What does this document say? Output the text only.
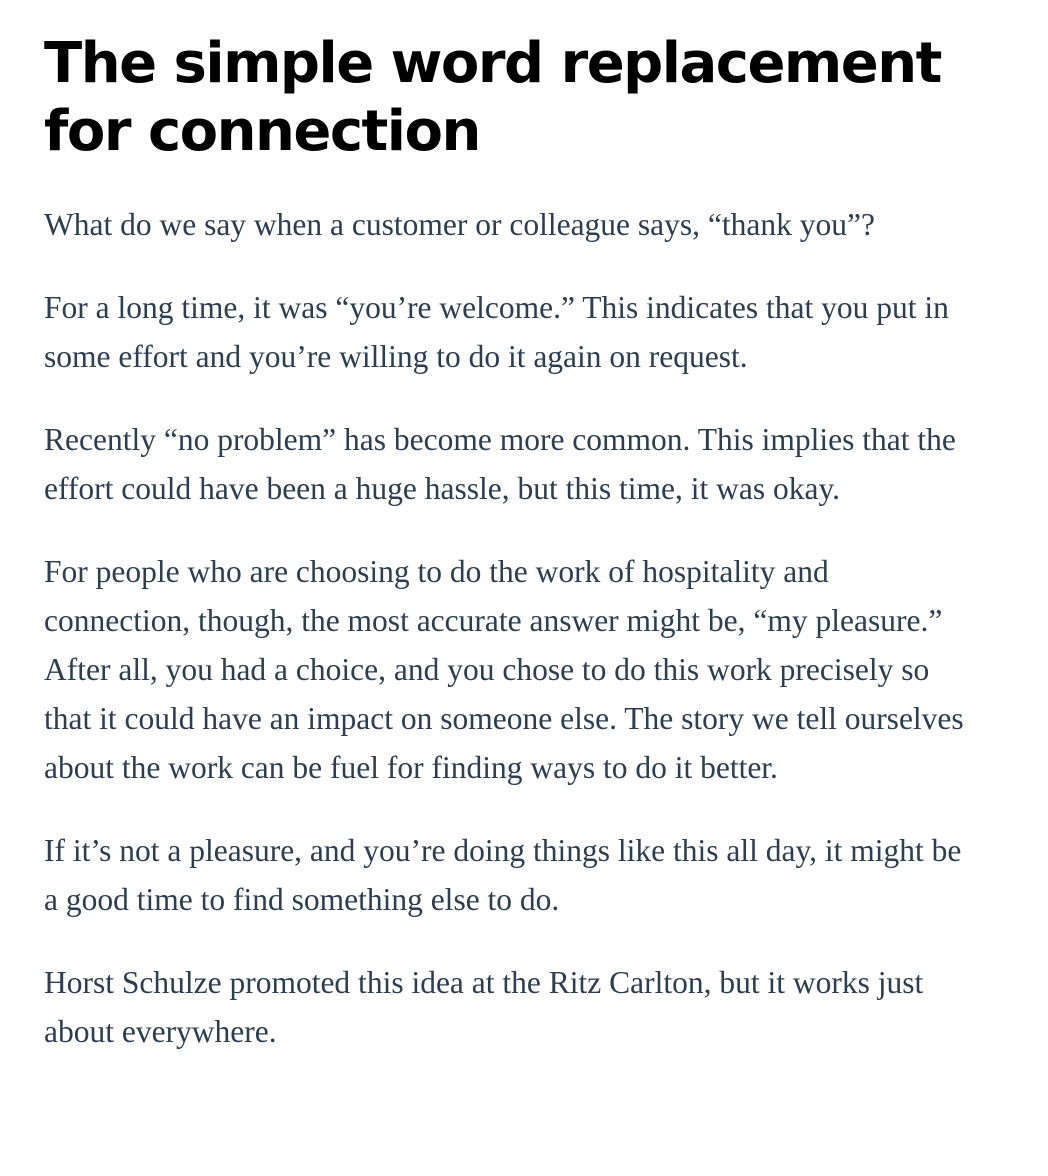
The simple word replacement for connection

What do we say when a customer or colleague says, “thank you”?

For a long time, it was “you’re welcome.” This indicates that you put in some effort and you’re willing to do it again on request.

Recently “no problem” has become more common. This implies that the effort could have been a huge hassle, but this time, it was okay.

For people who are choosing to do the work of hospitality and connection, though, the most accurate answer might be, “my pleasure.” After all, you had a choice, and you chose to do this work precisely so that it could have an impact on someone else. The story we tell ourselves about the work can be fuel for finding ways to do it better.

If it’s not a pleasure, and you’re doing things like this all day, it might be a good time to find something else to do.

Horst Schulze promoted this idea at the Ritz Carlton, but it works just about everywhere.
